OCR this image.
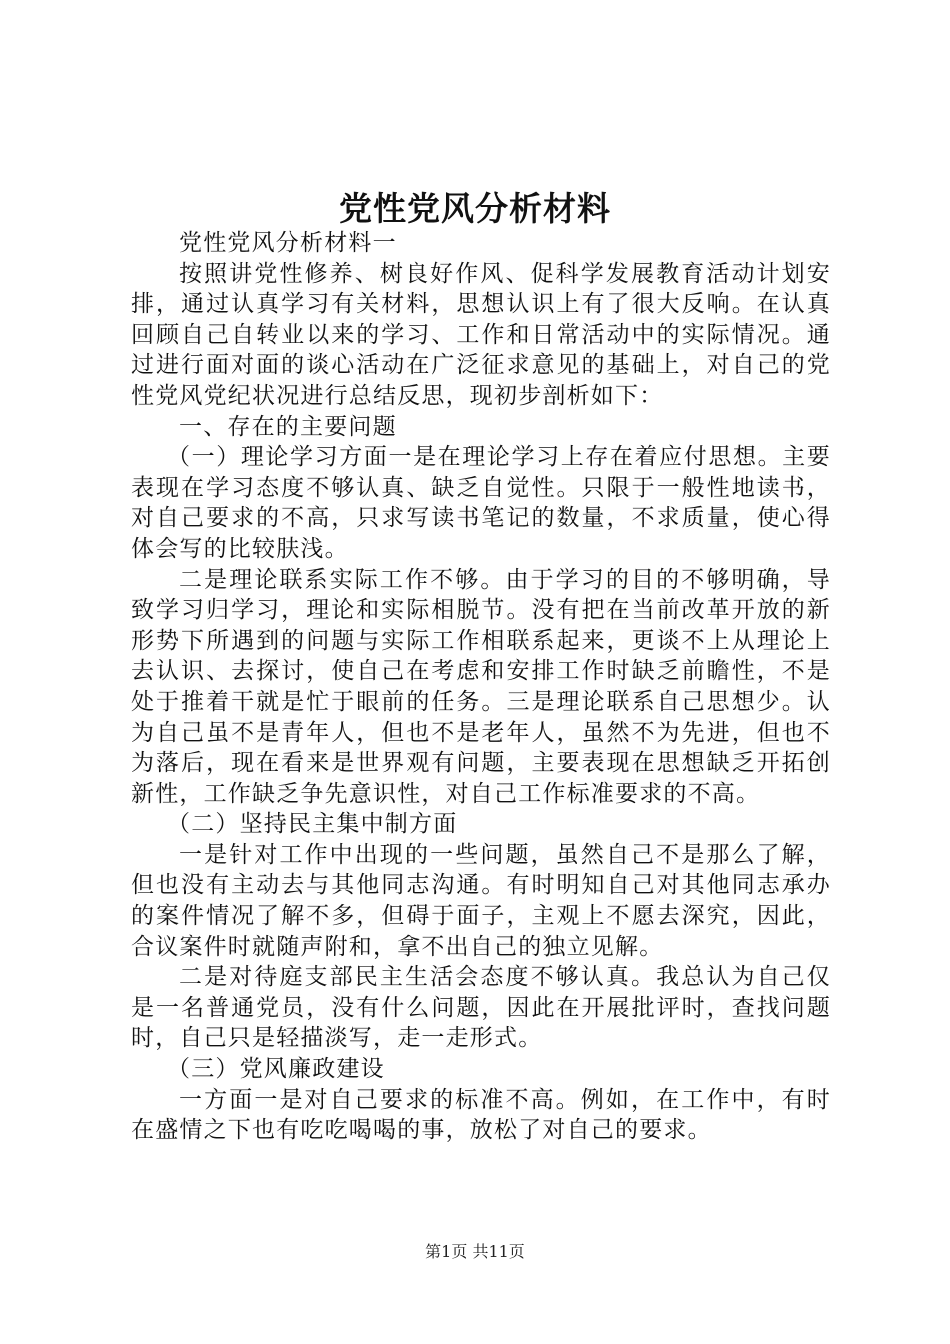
党性党风分析材料

党性党风分析材料一

按照讲党性修养、树良好作风、促科学发展教育活动计划安排，通过认真学习有关材料，思想认识上有了很大反响。在认真回顾自己自转业以来的学习、工作和日常活动中的实际情况。通过进行面对面的谈心活动在广泛征求意见的基础上，对自己的党性党风党纪状况进行总结反思，现初步剖析如下：

一、存在的主要问题

（一）理论学习方面一是在理论学习上存在着应付思想。主要表现在学习态度不够认真、缺乏自觉性。只限于一般性地读书，对自己要求的不高，只求写读书笔记的数量，不求质量，使心得体会写的比较肤浅。

二是理论联系实际工作不够。由于学习的目的不够明确，导致学习归学习，理论和实际相脱节。没有把在当前改革开放的新形势下所遇到的问题与实际工作相联系起来，更谈不上从理论上去认识、去探讨，使自己在考虑和安排工作时缺乏前瞻性，不是处于推着干就是忙于眼前的任务。三是理论联系自己思想少。认为自己虽不是青年人，但也不是老年人，虽然不为先进，但也不为落后，现在看来是世界观有问题，主要表现在思想缺乏开拓创新性，工作缺乏争先意识性，对自己工作标准要求的不高。

（二）坚持民主集中制方面

一是针对工作中出现的一些问题，虽然自己不是那么了解，但也没有主动去与其他同志沟通。有时明知自己对其他同志承办的案件情况了解不多，但碍于面子，主观上不愿去深究，因此，合议案件时就随声附和，拿不出自己的独立见解。

二是对待庭支部民主生活会态度不够认真。我总认为自己仅是一名普通党员，没有什么问题，因此在开展批评时，查找问题时，自己只是轻描淡写，走一走形式。

（三）党风廉政建设

一方面一是对自己要求的标准不高。例如，在工作中，有时在盛情之下也有吃吃喝喝的事，放松了对自己的要求。

第1页 共11页
